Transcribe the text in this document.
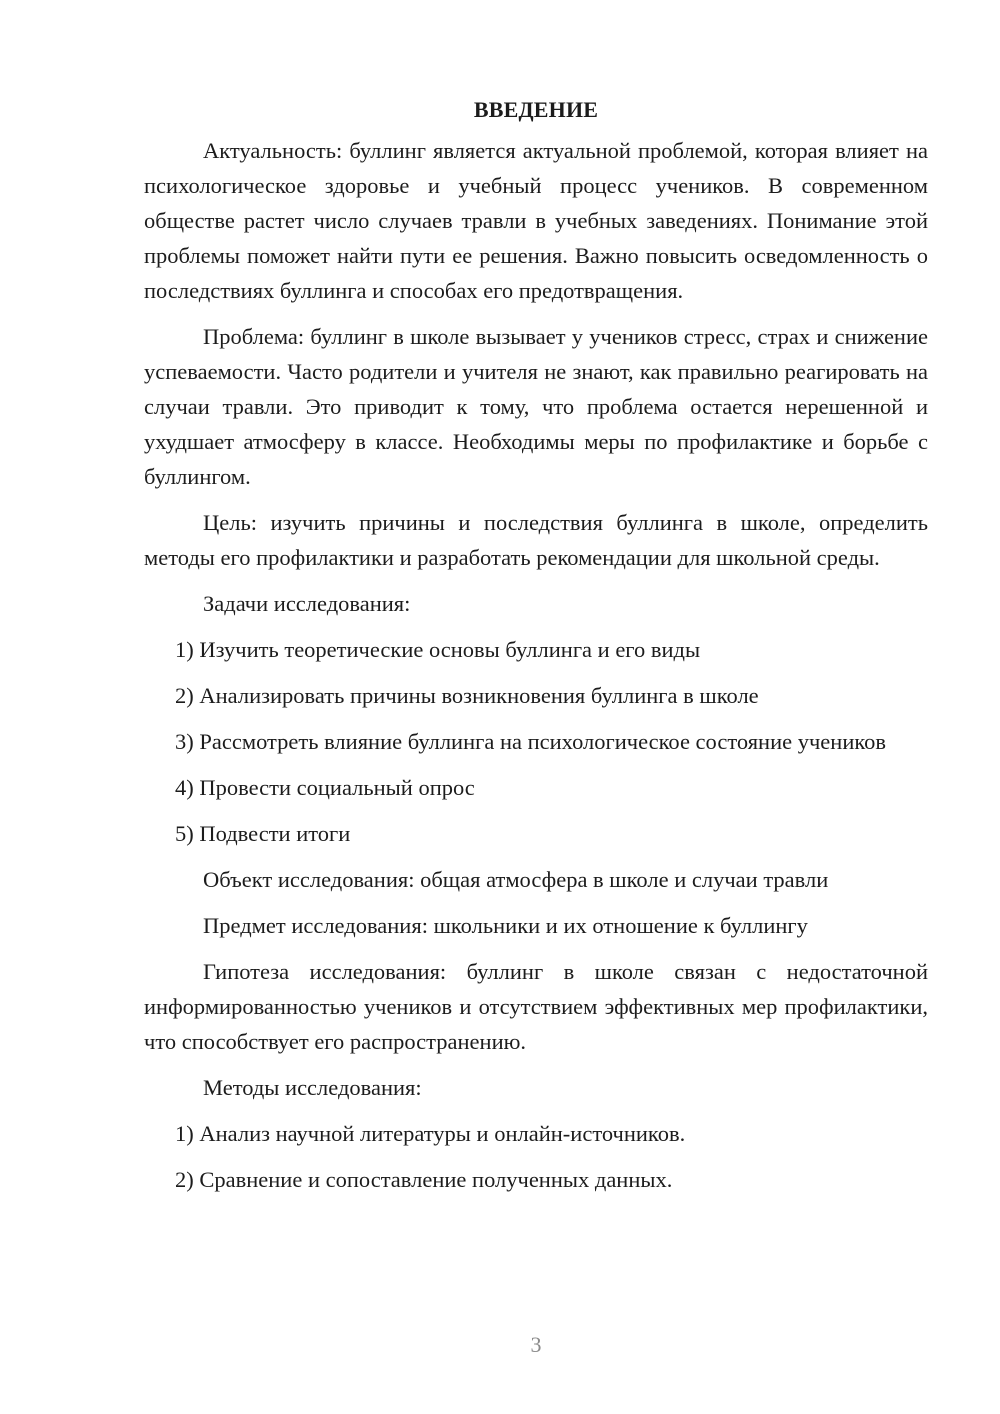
ВВЕДЕНИЕ

Актуальность: буллинг является актуальной проблемой, которая влияет на психологическое здоровье и учебный процесс учеников. В современном обществе растет число случаев травли в учебных заведениях. Понимание этой проблемы поможет найти пути ее решения. Важно повысить осведомленность о последствиях буллинга и способах его предотвращения.

Проблема: буллинг в школе вызывает у учеников стресс, страх и снижение успеваемости. Часто родители и учителя не знают, как правильно реагировать на случаи травли. Это приводит к тому, что проблема остается нерешенной и ухудшает атмосферу в классе. Необходимы меры по профилактике и борьбе с буллингом.

Цель: изучить причины и последствия буллинга в школе, определить методы его профилактики и разработать рекомендации для школьной среды.

Задачи исследования:

1) Изучить теоретические основы буллинга и его виды

2) Анализировать причины возникновения буллинга в школе

3) Рассмотреть влияние буллинга на психологическое состояние учеников

4) Провести социальный опрос

5) Подвести итоги

Объект исследования: общая атмосфера в школе и случаи травли

Предмет исследования: школьники и их отношение к буллингу

Гипотеза исследования: буллинг в школе связан с недостаточной информированностью учеников и отсутствием эффективных мер профилактики, что способствует его распространению.

Методы исследования:

1) Анализ научной литературы и онлайн-источников.

2) Сравнение и сопоставление полученных данных.

3
